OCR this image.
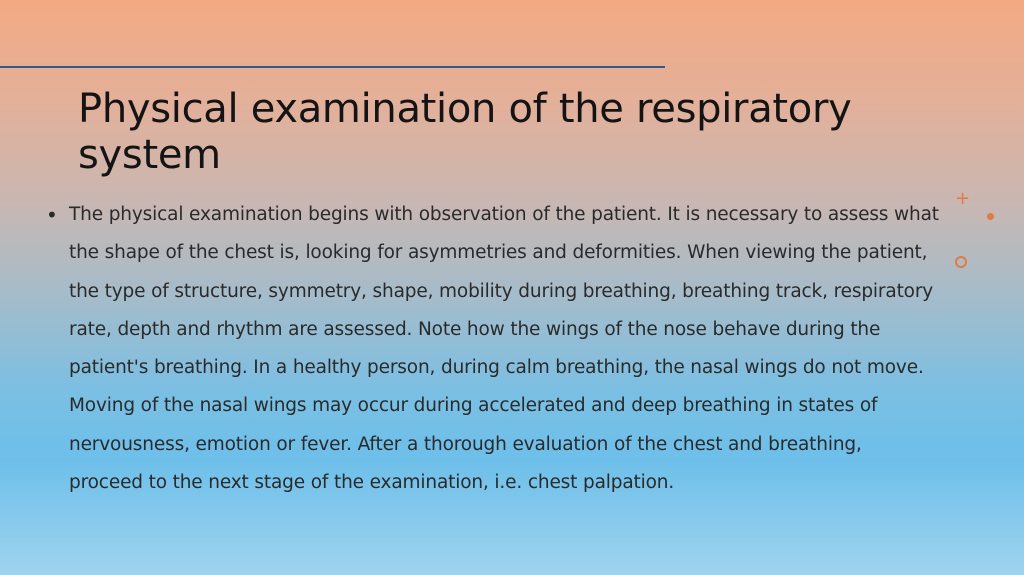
Physical examination of the respiratory system
• The physical examination begins with observation of the patient. It is necessary to assess what the shape of the chest is, looking for asymmetries and deformities. When viewing the patient, the type of structure, symmetry, shape, mobility during breathing, breathing track, respiratory rate, depth and rhythm are assessed. Note how the wings of the nose behave during the patient's breathing. In a healthy person, during calm breathing, the nasal wings do not move. Moving of the nasal wings may occur during accelerated and deep breathing in states of nervousness, emotion or fever. After a thorough evaluation of the chest and breathing, proceed to the next stage of the examination, i.e. chest palpation.
+
